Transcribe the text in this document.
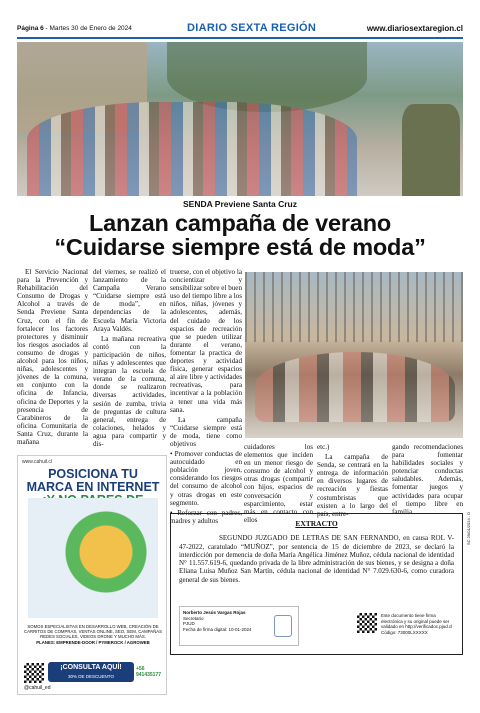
Página 6 - Martes 30 de Enero de 2024	DIARIO SEXTA REGIÓN	www.diariosextaregion.cl
SENDA Previene Santa Cruz
Lanzan campaña de verano
“Cuidarse siempre está de moda”

El Servicio Nacional para la Prevención y Rehabilitación del Consumo de Drogas y Alcohol a través de Senda Previene Santa Cruz, con el fin de fortalecer los factores protectores y disminuir los riesgos asociados al consumo de drogas y alcohol para los niños, niñas, adolescentes y jóvenes de la comuna, en conjunto con la oficina de Infancia, oficina de Deportes y la presencia de Carabineros de la oficina Comunitaria de Santa Cruz, durante la mañana

del viernes, se realizó el lanzamiento de la Campaña Verano “Cuidarse siempre está de moda”, en dependencias de la Escuela María Victoria Araya Valdés.

La mañana recreativa contó con la participación de niños, niñas y adolescentes que integran la escuela de verano de la comuna, donde se realizaron diversas actividades, sesión de zumba, trivia de preguntas de cultura general, entrega de colaciones, helados y agua para compartir y dis-

truerse, con el objetivo la concientizar y sensibilizar sobre el buen uso del tiempo libre a los niños, niñas, jóvenes y adolescentes, además, del cuidado de los espacios de recreación que se pueden utilizar durante el verano, fomentar la practica de deportes y actividad física, generar espacios al aire libre y actividades recreativas, para incentivar a la población a tener una vida más sana.

La campaña “Cuidarse siempre está de moda, tiene como objetivos

• Promover conductas de autocuidado en población joven, considerando los riesgos del consumo de alcohol y otras drogas en este segmento.

• Reforzar con padres, madres y adultos

cuidadores los elementos que inciden en un menor riesgo de consumo de alcohol y otras drogas (compartir con hijos, espacios de conversación y esparcimiento, estar más en contacto con ellos

etc.)

La campaña de Senda, se centrará en la entrega de información en diversos lugares de recreación y fiestas costumbristas que existen a lo largo del país, entre-

gando recomendaciones para fomentar habilidades sociales y potenciar conductas saludables. Además, fomentar juegos y actividades para ocupar el tiempo libre en familia.

www.cahuil.cl
POSICIONA TU
MARCA EN INTERNET
SOMOS ESPECIALISTAS EN DESARROLLO WEB, CREACIÓN DE CARRITOS DE COMPRAS, VENTAS ONLINE, SEO, SEM, CAMPAÑAS REDES SOCIALES, VIDEOS DRONE Y MUCHO MÁS.
PLANES: EMPRENDE-DOOR / PYMEROCK / AGROWEB
¡CONSULTA AQUÍ!
30% DE DESCUENTO
+56 941435177
@cahuil_ed
EXTRACTO

SEGUNDO JUZGADO DE LETRAS DE SAN FERNANDO, en causa ROL V- 47-2022, caratulado “MUÑOZ”, por sentencia de 15 de diciembre de 2023, se declaró la interdicción por demencia de doña María Angélica Jiménez Muñoz, cédula nacional de identidad N° 11.557.619-6, quedando privada de la libre administración de sus bienes, y se designa a doña Eliana Luisa Muñoz San Martín, cédula nacional de identidad N° 7.029.630-6, como curadora general de sus bienes.

Norberto Jesús Vargas Rojas
Secretario
PJUD
Fecha de firma digital: 10-01-2024
Este documento tiene firma electrónica y su original puede ser validado en http://verificadoc.pjud.cl
Código: 73000LXXXXX
SC 29/01/2024 - D
